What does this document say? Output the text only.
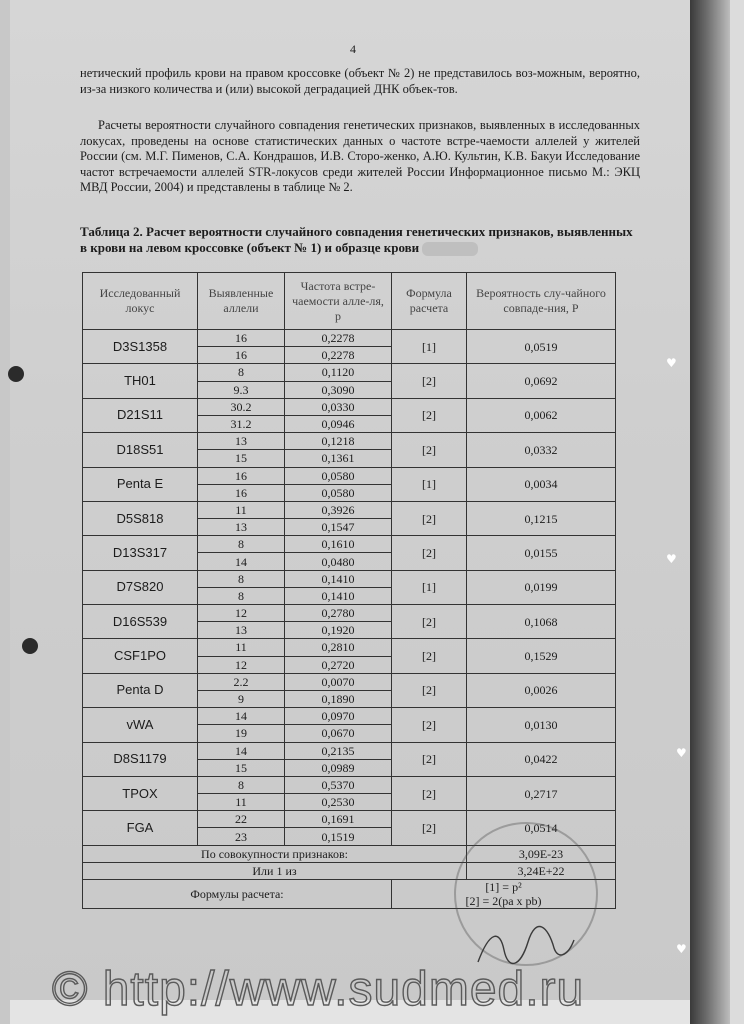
4

нетический профиль крови на правом кроссовке (объект № 2) не представилось воз-можным, вероятно, из-за низкого количества и (или) высокой деградацией ДНК объек-тов.

Расчеты вероятности случайного совпадения генетических признаков, выявленных в исследованных локусах, проведены на основе статистических данных о частоте встре-чаемости аллелей у жителей России (см. М.Г. Пименов, С.А. Кондрашов, И.В. Сторо-женко, А.Ю. Культин, К.В. Бакуи Исследование частот встречаемости аллелей STR-локусов среди жителей России Информационное письмо М.: ЭКЦ МВД России, 2004) и представлены в таблице № 2.

Таблица 2. Расчет вероятности случайного совпадения генетических признаков, выявленных в крови на левом кроссовке (объект № 1) и образце крови

Исследованный локус	Выявленные аллели	Частота встре-чаемости алле-ля, p	Формула расчета	Вероятность слу-чайного совпаде-ния, P
D3S1358	16	0,2278	[1]	0,0519
	16	0,2278		
TH01	8	0,1120	[2]	0,0692
	9.3	0,3090		
D21S11	30.2	0,0330	[2]	0,0062
	31.2	0,0946		
D18S51	13	0,1218	[2]	0,0332
	15	0,1361		
Penta E	16	0,0580	[1]	0,0034
	16	0,0580		
D5S818	11	0,3926	[2]	0,1215
	13	0,1547		
D13S317	8	0,1610	[2]	0,0155
	14	0,0480		
D7S820	8	0,1410	[1]	0,0199
	8	0,1410		
D16S539	12	0,2780	[2]	0,1068
	13	0,1920		
CSF1PO	11	0,2810	[2]	0,1529
	12	0,2720		
Penta D	2.2	0,0070	[2]	0,0026
	9	0,1890		
vWA	14	0,0970	[2]	0,0130
	19	0,0670		
D8S1179	14	0,2135	[2]	0,0422
	15	0,0989		
TPOX	8	0,5370	[2]	0,2717
	11	0,2530		
FGA	22	0,1691	[2]	0,0514
	23	0,1519		
По совокупности признаков:				3,09E-23
Или 1 из				3,24E+22
Формулы расчета:			[1] = p²
[2] = 2(pa x pb)	
♥
♥
♥
♥
© http://www.sudmed.ru
